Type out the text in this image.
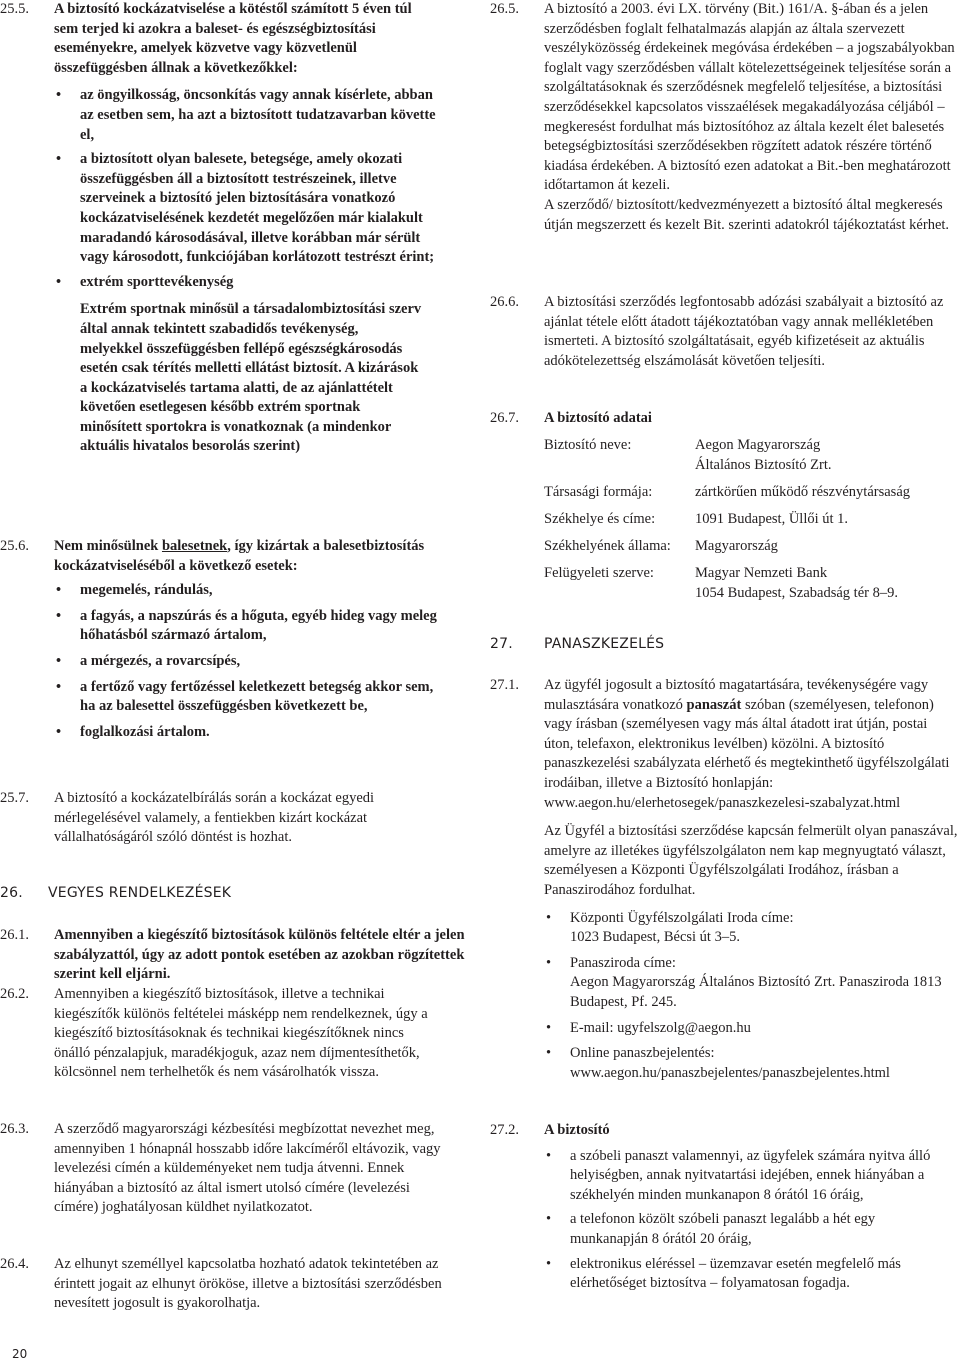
25.5. A biztosító kockázatviselése a kötéstől számított 5 éven túl sem terjed ki azokra a baleset- és egészségbiztosítási eseményekre, amelyek közvetve vagy közvetlenül összefüggésben állnak a következőkkel:

• az öngyilkosság, öncsonkítás vagy annak kísérlete, abban az esetben sem, ha azt a biztosított tudatzavarban követte el,
• a biztosított olyan balesete, betegsége, amely okozati összefüggésben áll a biztosított testrészeinek, illetve szerveinek a biztosító jelen biztosítására vonatkozó kockázatviselésének kezdetét megelőzően már kialakult maradandó károsodásával, illetve korábban már sérült vagy károsodott, funkciójában korlátozott testrészt érint;
• extrém sporttevékenység

Extrém sportnak minősül a társadalombiztosítási szerv által annak tekintett szabadidős tevékenység, melyekkel összefüggésben fellépő egészségkárosodás esetén csak térítés melletti ellátást biztosít. A kizárások a kockázatviselés tartama alatti, de az ajánlattételt követően esetlegesen később extrém sportnak minősített sportokra is vonatkoznak (a mindenkor aktuális hivatalos besorolás szerint)

25.6. Nem minősülnek balesetnek, így kizártak a balesetbiztosítás kockázatviseléséből a következő esetek:

• megemelés, rándulás,
• a fagyás, a napszúrás és a hőguta, egyéb hideg vagy meleg hőhatásból származó ártalom,
• a mérgezés, a rovarcsípés,
• a fertőző vagy fertőzéssel keletkezett betegség akkor sem, ha az balesettel összefüggésben következett be,
• foglalkozási ártalom.
25.7. A biztosító a kockázatelbírálás során a kockázat egyedi mérlegelésével valamely, a fentiekben kizárt kockázat vállalhatóságáról szóló döntést is hozhat.

26. VEGYES RENDELKEZÉSEK
26.1. Amennyiben a kiegészítő biztosítások különös feltétele eltér a jelen szabályzattól, úgy az adott pontok esetében az azokban rögzítettek szerint kell eljárni.

26.2. Amennyiben a kiegészítő biztosítások, illetve a technikai kiegészítők különös feltételei másképp nem rendelkeznek, úgy a kiegészítő biztosításoknak és technikai kiegészítőknek nincs önálló pénzalapjuk, maradékjoguk, azaz nem díjmentesíthetők, kölcsönnel nem terhelhetők és nem vásárolhatók vissza.

26.3. A szerződő magyarországi kézbesítési megbízottat nevezhet meg, amennyiben 1 hónapnál hosszabb időre lakcíméről eltávozik, vagy levelezési címén a küldeményeket nem tudja átvenni. Ennek hiányában a biztosító az által ismert utolsó címére (levelezési címére) joghatályosan küldhet nyilatkozatot.

26.4. Az elhunyt személlyel kapcsolatba hozható adatok tekintetében az érintett jogait az elhunyt örököse, illetve a biztosítási szerződésben nevesített jogosult is gyakorolhatja.

26.5. A biztosító a 2003. évi LX. törvény (Bit.) 161/A. §-ában és a jelen szerződésben foglalt felhatalmazás alapján az általa szervezett veszélyközösség érdekeinek megóvása érdekében – a jogszabályokban foglalt vagy szerződésben vállalt kötelezettségeinek teljesítése során a szolgáltatásoknak és szerződésnek megfelelő teljesítése, a biztosítási szerződésekkel kapcsolatos visszaélések megakadályozása céljából – megkeresést fordulhat más biztosítóhoz az általa kezelt élet balesetés betegségbiztosítási szerződésekben rögzített adatok részére történő kiadása érdekében. A biztosító ezen adatokat a Bit.-ben meghatározott időtartamon át kezeli.

A szerződő/ biztosított/kedvezményezett a biztosító által megkeresés útján megszerzett és kezelt Bit. szerinti adatokról tájékoztatást kérhet.

26.6. A biztosítási szerződés legfontosabb adózási szabályait a biztosító az ajánlat tétele előtt átadott tájékoztatóban vagy annak mellékletében ismerteti. A biztosító szolgáltatásait, egyéb kifizetéseit az aktuális adókötelezettség elszámolását követően teljesíti.

26.7. A biztosító adatai

Biztosító neve:	Aegon Magyarország
Általános Biztosító Zrt.
Társasági formája:	zártkörűen működő részvénytársaság
Székhelye és címe:	1091 Budapest, Üllői út 1.
Székhelyének állama: Magyarország
Felügyeleti szerve:	Magyar Nemzeti Bank
1054 Budapest, Szabadság tér 8–9.
27. PANASZKEZELÉS
27.1. Az ügyfél jogosult a biztosító magatartására, tevékenységére vagy mulasztására vonatkozó panaszát szóban (személyesen, telefonon) vagy írásban (személyesen vagy más által átadott irat útján, postai úton, telefaxon, elektronikus levélben) közölni. A biztosító panaszkezelési szabályzata elérhető és megtekinthető ügyfélszolgálati irodáiban, illetve a Biztosító honlapján: www.aegon.hu/elerhetosegek/panaszkezelesi-szabalyzat.html

Az Ügyfél a biztosítási szerződése kapcsán felmerült olyan panaszával, amelyre az illetékes ügyfélszolgálaton nem kap megnyugtató választ, személyesen a Központi Ügyfélszolgálati Irodához, írásban a Panaszirodához fordulhat.

• Központi Ügyfélszolgálati Iroda címe:
1023 Budapest, Bécsi út 3–5.
• Panasziroda címe:
Aegon Magyarország Általános Biztosító Zrt. Panasziroda 1813 Budapest, Pf. 245.
• E-mail: ugyfelszolg@aegon.hu
• Online panaszbejelentés:
www.aegon.hu/panaszbejelentes/panaszbejelentes.html
27.2. A biztosító

• a szóbeli panaszt valamennyi, az ügyfelek számára nyitva álló helyiségben, annak nyitvatartási idejében, ennek hiányában a székhelyén minden munkanapon 8 órától 16 óráig,
• a telefonon közölt szóbeli panaszt legalább a hét egy munkanapján 8 órától 20 óráig,
• elektronikus eléréssel – üzemzavar esetén megfelelő más elérhetőséget biztosítva – folyamatosan fogadja.
20
